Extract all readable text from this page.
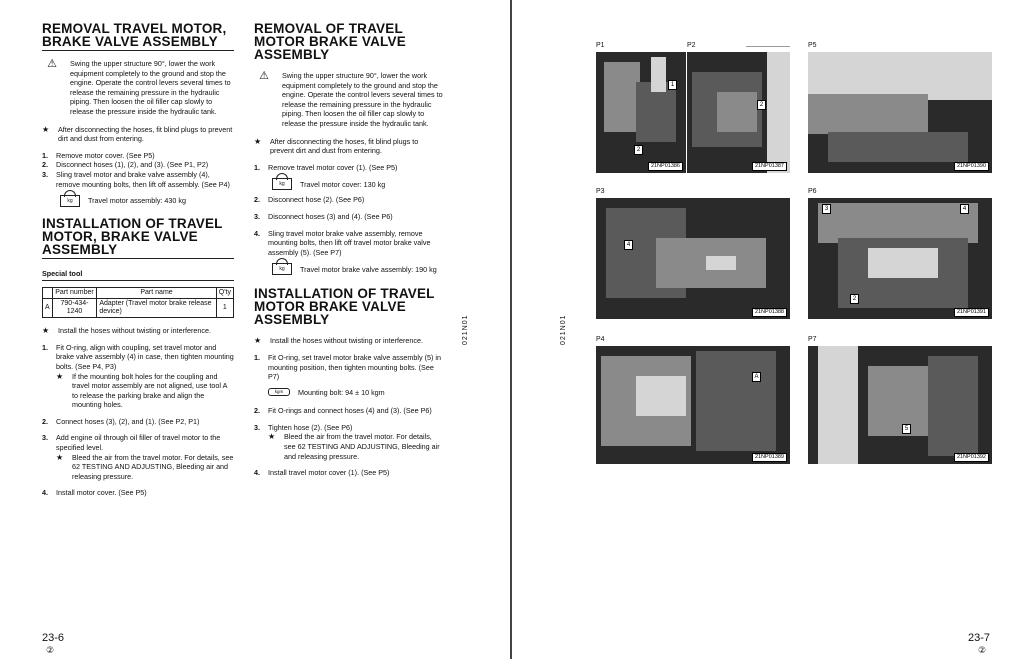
REMOVAL TRAVEL MOTOR, BRAKE VALVE ASSEMBLY
⚠	Swing the upper structure 90°, lower the work equipment completely to the ground and stop the engine. Operate the control levers several times to release the remaining pressure in the hydraulic piping. Then loosen the oil filler cap slowly to release the pressure inside the hydraulic tank.

★	After disconnecting the hoses, fit blind plugs to prevent dirt and dust from entering.

1.	Remove motor cover. (See P5)

2.	Disconnect hoses (1), (2), and (3). (See P1, P2)

3.	Sling travel motor and brake valve assembly (4), remove mounting bolts, then lift off assembly. (See P4)

kg	Travel motor assembly: 430 kg

INSTALLATION OF TRAVEL MOTOR, BRAKE VALVE ASSEMBLY
Special tool
	Part number	Part name	Q'ty
A	790-434-1240	Adapter (Travel motor brake release device)	1
★	Install the hoses without twisting or interference.

1.	Fit O-ring, align with coupling, set travel motor and brake valve assembly (4) in case, then tighten mounting bolts. (See P4, P3)

★	If the mounting bolt holes for the coupling and travel motor assembly are not aligned, use tool A to release the parking brake and align the mounting holes.

2.	Connect hoses (3), (2), and (1). (See P2, P1)

3.	Add engine oil through oil filler of travel motor to the specified level.

★	Bleed the air from the travel motor. For details, see 62 TESTING AND ADJUSTING, Bleeding air and releasing pressure.

4.	Install motor cover. (See P5)

REMOVAL OF TRAVEL MOTOR BRAKE VALVE ASSEMBLY
⚠	Swing the upper structure 90°, lower the work equipment completely to the ground and stop the engine. Operate the control levers several times to release the remaining pressure in the hydraulic piping. Then loosen the oil filler cap slowly to release the pressure inside the hydraulic tank.

★	After disconnecting the hoses, fit blind plugs to prevent dirt and dust from entering.

1.	Remove travel motor cover (1). (See P5)

kg	Travel motor cover: 130 kg

2.	Disconnect hose (2). (See P6)

3.	Disconnect hoses (3) and (4). (See P6)

4.	Sling travel motor brake valve assembly, remove mounting bolts, then lift off travel motor brake valve assembly (5). (See P7)

kg	Travel motor brake valve assembly: 190 kg

INSTALLATION OF TRAVEL MOTOR BRAKE VALVE ASSEMBLY
★	Install the hoses without twisting or interference.

1.	Fit O-ring, set travel motor brake valve assembly (5) in mounting position, then tighten mounting bolts. (See P7)

kgm	Mounting bolt: 94 ± 10 kgm

2.	Fit O-rings and connect hoses (4) and (3). (See P6)

3.	Tighten hose (2). (See P6)

★	Bleed the air from the travel motor. For details, see 62 TESTING AND ADJUSTING, Bleeding air and releasing pressure.

4.	Install travel motor cover (1). (See P5)

021N01
23-6
②
021N01
P1
1
2
21NP01386
P2
2
21NP01387
P5
21NP01390
P3
4
21NP01388
P6
3	4
2
21NP01391
P4
A
21NP01389
P7
5
21NP01392
23-7
②
